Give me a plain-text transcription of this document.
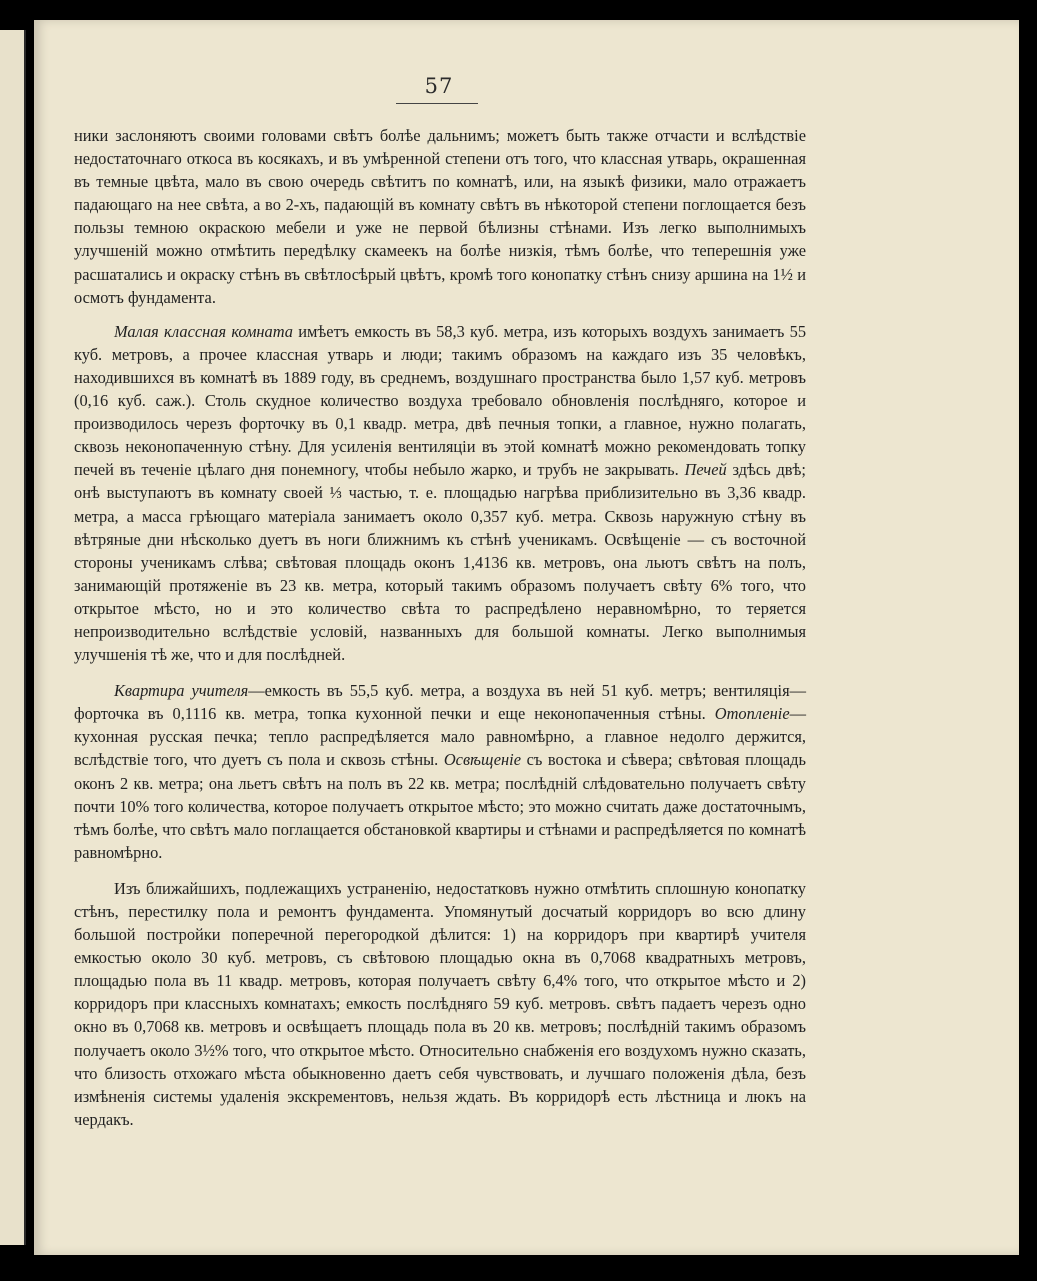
57

ники заслоняютъ своими головами свѣтъ болѣе дальнимъ; можетъ быть также отчасти и вслѣдствіе недостаточнаго откоса въ косякахъ, и въ умѣренной степени отъ того, что классная утварь, окрашенная въ темные цвѣта, мало въ свою очередь свѣтитъ по комнатѣ, или, на языкѣ физики, мало отражаетъ падающаго на нее свѣта, а во 2-хъ, падающій въ комнату свѣтъ въ нѣкоторой степени поглощается безъ пользы темною окраскою мебели и уже не первой бѣлизны стѣнами. Изъ легко выполнимыхъ улучшеній можно отмѣтить передѣлку скамеекъ на болѣе низкія, тѣмъ болѣе, что теперешнія уже расшатались и окраску стѣнъ въ свѣтлосѣрый цвѣтъ, кромѣ того конопатку стѣнъ снизу аршина на 1½ и осмотъ фундамента.

Малая классная комната имѣетъ емкость въ 58,3 куб. метра, изъ которыхъ воздухъ занимаетъ 55 куб. метровъ, а прочее классная утварь и люди; такимъ образомъ на каждаго изъ 35 человѣкъ, находившихся въ комнатѣ въ 1889 году, въ среднемъ, воздушнаго пространства было 1,57 куб. метровъ (0,16 куб. саж.). Столь скудное количество воздуха требовало обновленія послѣдняго, которое и производилось черезъ форточку въ 0,1 квадр. метра, двѣ печныя топки, а главное, нужно полагать, сквозь неконопаченную стѣну. Для усиленія вентиляціи въ этой комнатѣ можно рекомендовать топку печей въ теченіе цѣлаго дня понемногу, чтобы небыло жарко, и трубъ не закрывать. Печей здѣсь двѣ; онѣ выступаютъ въ комнату своей ⅓ частью, т. е. площадью нагрѣва приблизительно въ 3,36 квадр. метра, а масса грѣющаго матеріала занимаетъ около 0,357 куб. метра. Сквозь наружную стѣну въ вѣтряные дни нѣсколько дуетъ въ ноги ближнимъ къ стѣнѣ ученикамъ. Освѣщеніе — съ восточной стороны ученикамъ слѣва; свѣтовая площадь оконъ 1,4136 кв. метровъ, она льютъ свѣтъ на полъ, занимающій протяженіе въ 23 кв. метра, который такимъ образомъ получаетъ свѣту 6% того, что открытое мѣсто, но и это количество свѣта то распредѣлено неравномѣрно, то теряется непроизводительно вслѣдствіе условій, названныхъ для большой комнаты. Легко выполнимыя улучшенія тѣ же, что и для послѣдней.

Квартира учителя—емкость въ 55,5 куб. метра, а воздуха въ ней 51 куб. метръ; вентиляція—форточка въ 0,1116 кв. метра, топка кухонной печки и еще неконопаченныя стѣны. Отопленіе—кухонная русская печка; тепло распредѣляется мало равномѣрно, а главное недолго держится, вслѣдствіе того, что дуетъ съ пола и сквозь стѣны. Освѣщеніе съ востока и сѣвера; свѣтовая площадь оконъ 2 кв. метра; она льетъ свѣтъ на полъ въ 22 кв. метра; послѣдній слѣдовательно получаетъ свѣту почти 10% того количества, которое получаетъ открытое мѣсто; это можно считать даже достаточнымъ, тѣмъ болѣе, что свѣтъ мало поглащается обстановкой квартиры и стѣнами и распредѣляется по комнатѣ равномѣрно.

Изъ ближайшихъ, подлежащихъ устраненію, недостатковъ нужно отмѣтить сплошную конопатку стѣнъ, перестилку пола и ремонтъ фундамента. Упомянутый досчатый корридоръ во всю длину большой постройки поперечной перегородкой дѣлится: 1) на корридоръ при квартирѣ учителя емкостью около 30 куб. метровъ, съ свѣтовою площадью окна въ 0,7068 квадратныхъ метровъ, площадью пола въ 11 квадр. метровъ, которая получаетъ свѣту 6,4% того, что открытое мѣсто и 2) корридоръ при классныхъ комнатахъ; емкость послѣдняго 59 куб. метровъ. свѣтъ падаетъ черезъ одно окно въ 0,7068 кв. метровъ и освѣщаетъ площадь пола въ 20 кв. метровъ; послѣдній такимъ образомъ получаетъ около 3½% того, что открытое мѣсто. Относительно снабженія его воздухомъ нужно сказать, что близость отхожаго мѣста обыкновенно даетъ себя чувствовать, и лучшаго положенія дѣла, безъ измѣненія системы удаленія экскрементовъ, нельзя ждать. Въ корридорѣ есть лѣстница и люкъ на чердакъ.
